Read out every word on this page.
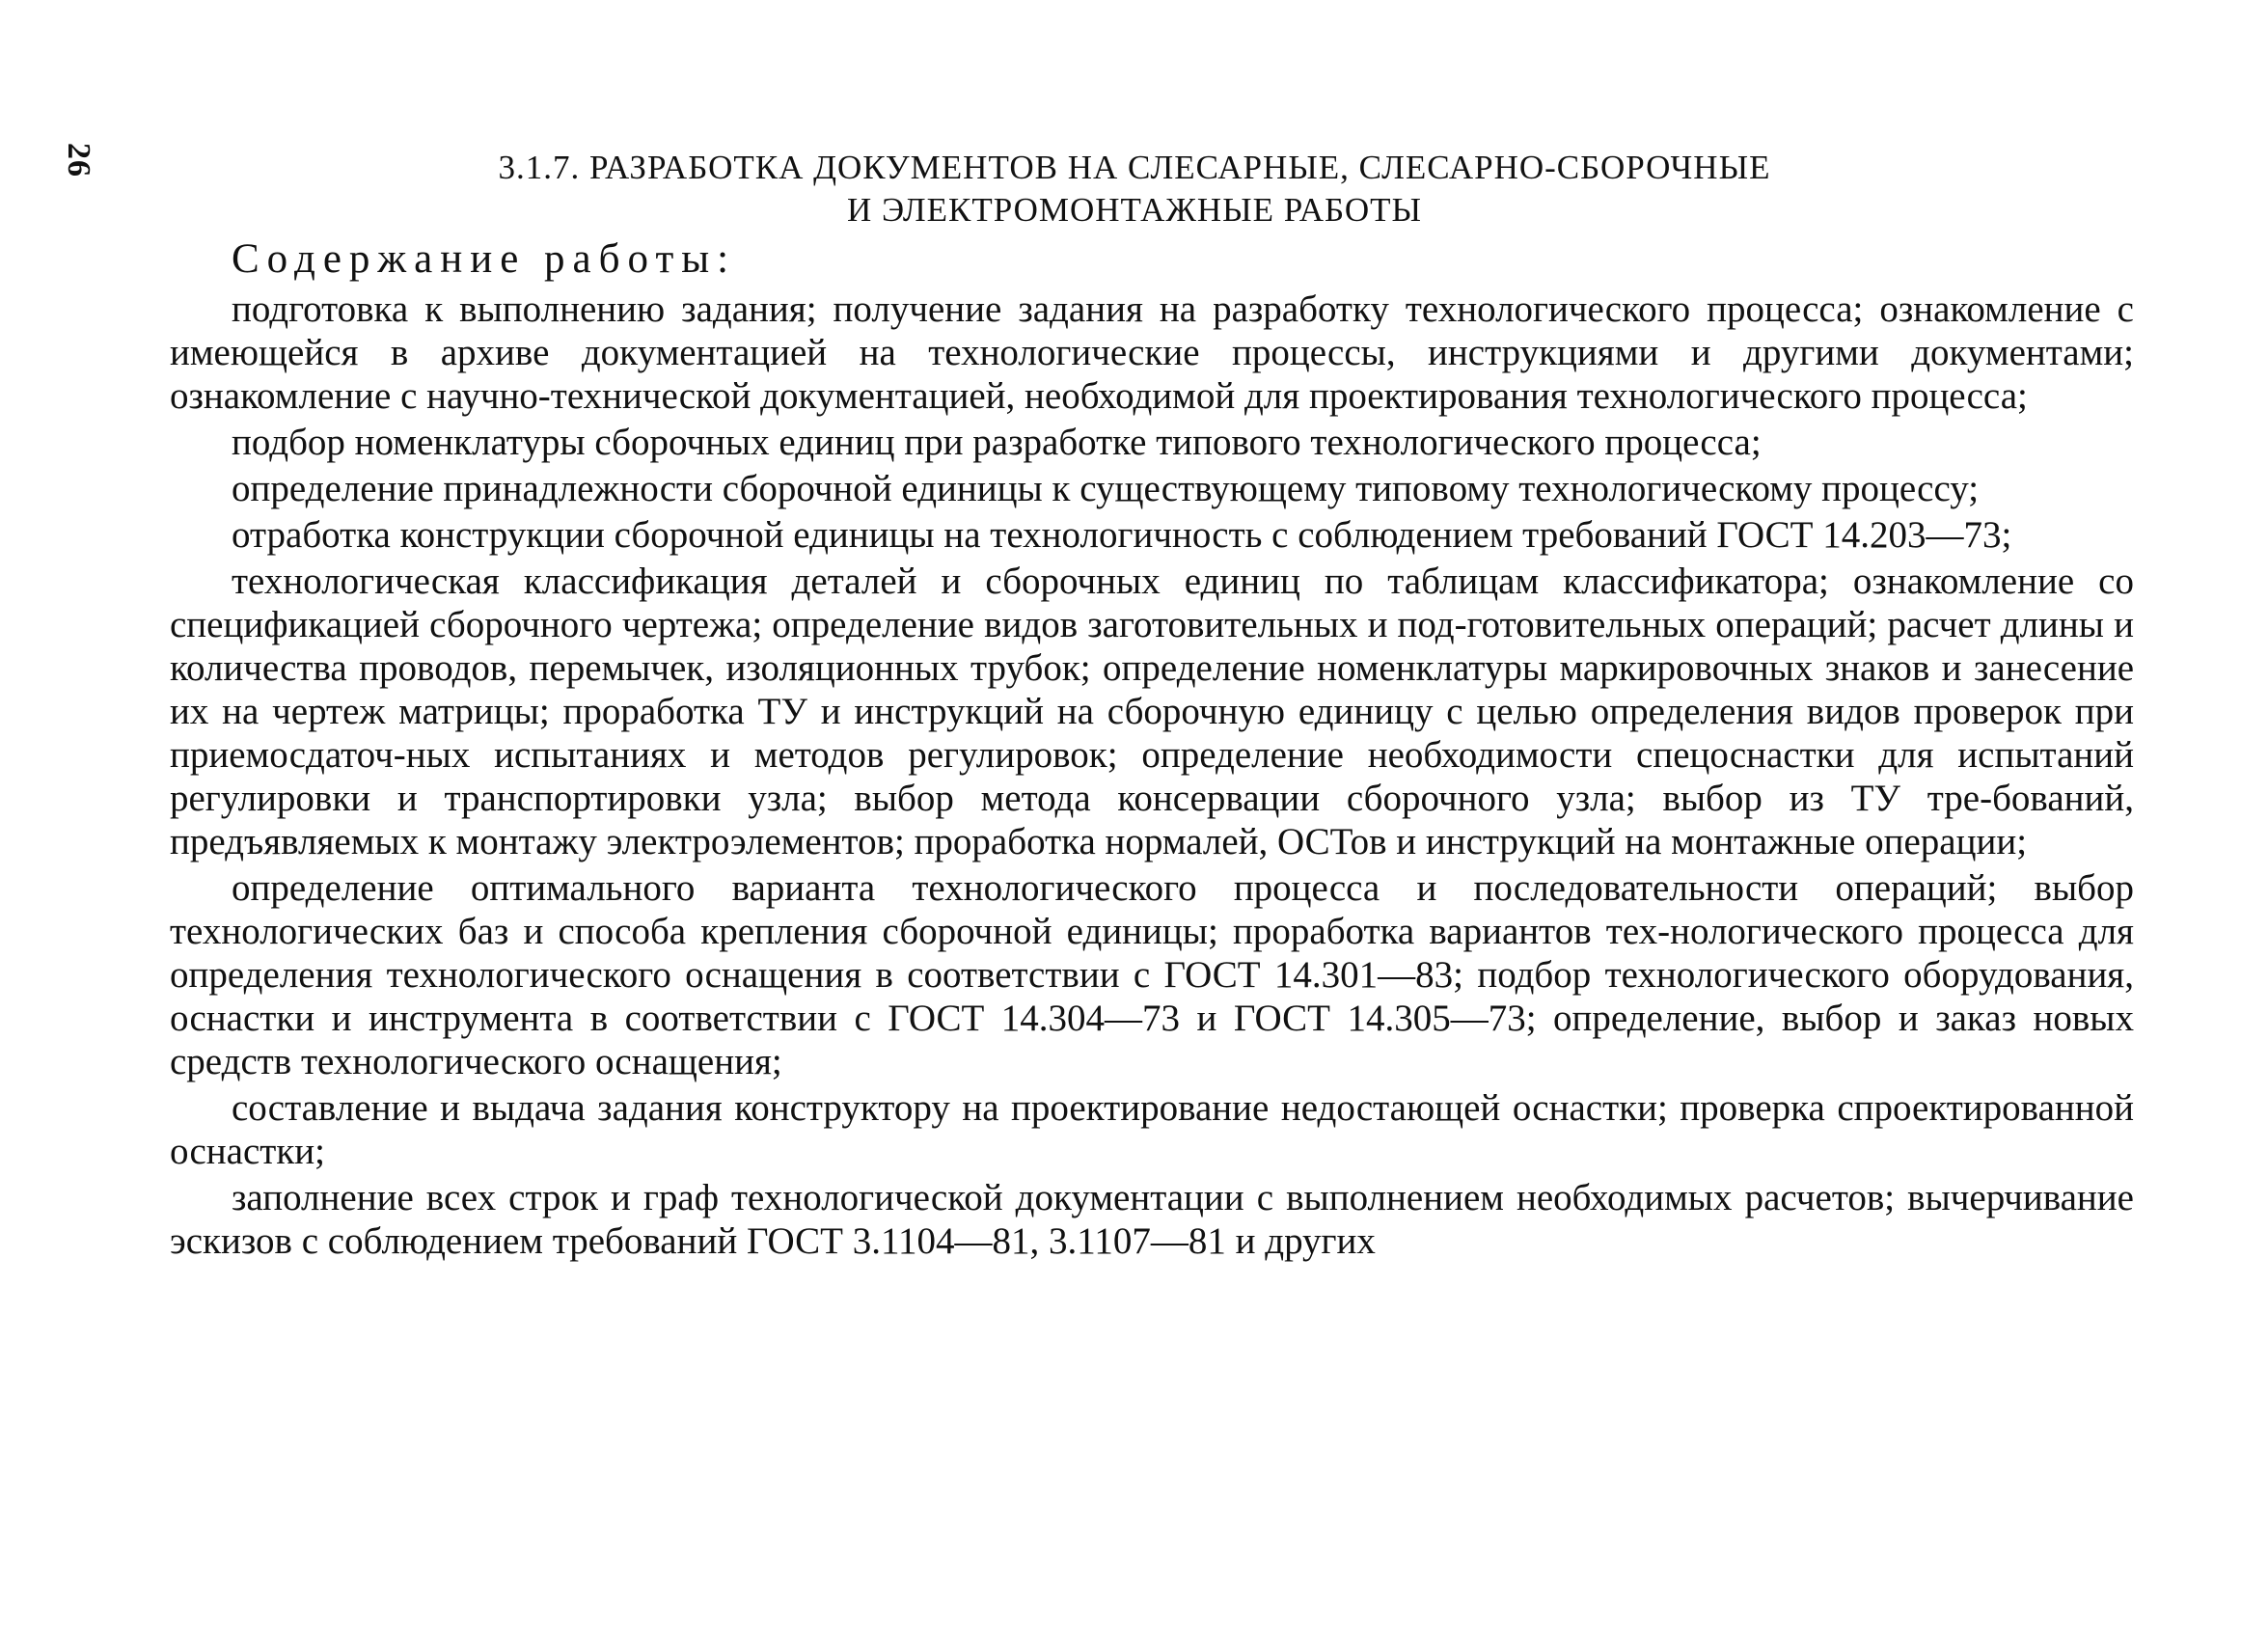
26	3.1.7. РАЗРАБОТКА ДОКУМЕНТОВ НА СЛЕСАРНЫЕ, СЛЕСАРНО-СБОРОЧНЫЕ
И ЭЛЕКТРОМОНТАЖНЫЕ РАБОТЫ
Содержание работы:

подготовка к выполнению задания; получение задания на разработку технологического процесса; ознакомление с имеющейся в архиве документацией на технологические процессы, инструкциями и другими документами; ознакомление с научно-технической документацией, необходимой для проектирования технологического процесса;

подбор номенклатуры сборочных единиц при разработке типового технологического процесса;

определение принадлежности сборочной единицы к существующему типовому технологическому процессу;

отработка конструкции сборочной единицы на технологичность с соблюдением требований ГОСТ 14.203—73;

технологическая классификация деталей и сборочных единиц по таблицам классификатора; ознакомление со спецификацией сборочного чертежа; определение видов заготовительных и под-готовительных операций; расчет длины и количества проводов, перемычек, изоляционных трубок; определение номенклатуры маркировочных знаков и занесение их на чертеж матрицы; проработка ТУ и инструкций на сборочную единицу с целью определения видов проверок при приемосдаточ-ных испытаниях и методов регулировок; определение необходимости спецоснастки для испытаний регулировки и транспортировки узла; выбор метода консервации сборочного узла; выбор из ТУ тре-бований, предъявляемых к монтажу электроэлементов; проработка нормалей, ОСТов и инструкций на монтажные операции;

определение оптимального варианта технологического процесса и последовательности операций; выбор технологических баз и способа крепления сборочной единицы; проработка вариантов тех-нологического процесса для определения технологического оснащения в соответствии с ГОСТ 14.301—83; подбор технологического оборудования, оснастки и инструмента в соответствии с ГОСТ 14.304—73 и ГОСТ 14.305—73; определение, выбор и заказ новых средств технологического оснащения;

составление и выдача задания конструктору на проектирование недостающей оснастки; проверка спроектированной оснастки;

заполнение всех строк и граф технологической документации с выполнением необходимых расчетов; вычерчивание эскизов с соблюдением требований ГОСТ 3.1104—81, 3.1107—81 и других
